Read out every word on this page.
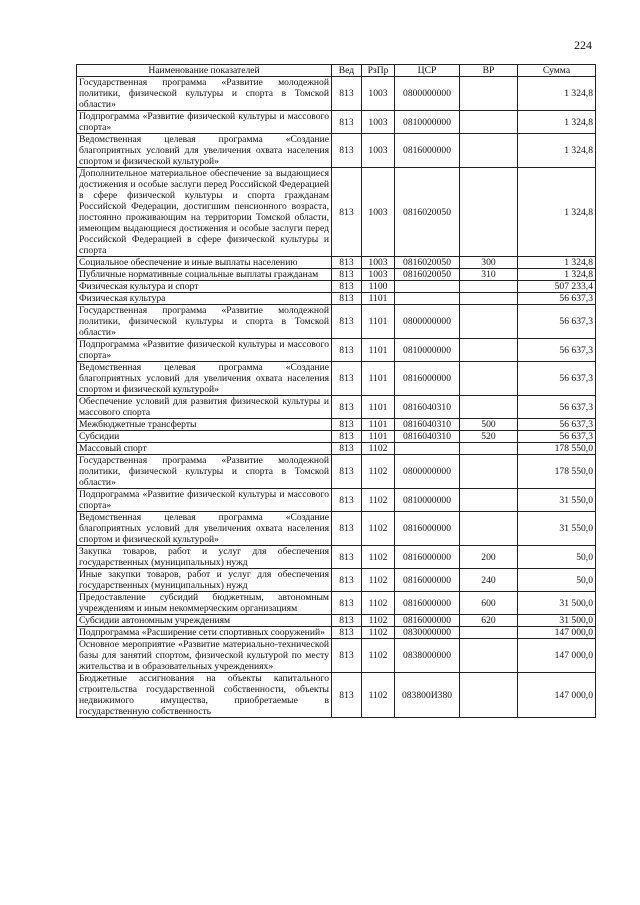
224
Наименование показателей	Вед	РзПр	ЦСР	ВР	Сумма
Государственная программа «Развитие молодежной политики, физической культуры и спорта в Томской области»	813	1003	0800000000		1 324,8
Подпрограмма «Развитие физической культуры и массового спорта»	813	1003	0810000000		1 324,8
Ведомственная целевая программа «Создание благоприятных условий для увеличения охвата населения спортом и физической культурой»	813	1003	0816000000		1 324,8
Дополнительное материальное обеспечение за выдающиеся достижения и особые заслуги перед Российской Федерацией в сфере физической культуры и спорта гражданам Российской Федерации, достигшим пенсионного возраста, постоянно проживающим на территории Томской области, имеющим выдающиеся достижения и особые заслуги перед Российской Федерацией в сфере физической культуры и спорта	813	1003	0816020050		1 324,8
Социальное обеспечение и иные выплаты населению	813	1003	0816020050	300	1 324,8
Публичные нормативные социальные выплаты гражданам	813	1003	0816020050	310	1 324,8
Физическая культура и спорт	813	1100			507 233,4
Физическая культура	813	1101			56 637,3
Государственная программа «Развитие молодежной политики, физической культуры и спорта в Томской области»	813	1101	0800000000		56 637,3
Подпрограмма «Развитие физической культуры и массового спорта»	813	1101	0810000000		56 637,3
Ведомственная целевая программа «Создание благоприятных условий для увеличения охвата населения спортом и физической культурой»	813	1101	0816000000		56 637,3
Обеспечение условий для развития физической культуры и массового спорта	813	1101	0816040310		56 637,3
Межбюджетные трансферты	813	1101	0816040310	500	56 637,3
Субсидии	813	1101	0816040310	520	56 637,3
Массовый спорт	813	1102			178 550,0
Государственная программа «Развитие молодежной политики, физической культуры и спорта в Томской области»	813	1102	0800000000		178 550,0
Подпрограмма «Развитие физической культуры и массового спорта»	813	1102	0810000000		31 550,0
Ведомственная целевая программа «Создание благоприятных условий для увеличения охвата населения спортом и физической культурой»	813	1102	0816000000		31 550,0
Закупка товаров, работ и услуг для обеспечения государственных (муниципальных) нужд	813	1102	0816000000	200	50,0
Иные закупки товаров, работ и услуг для обеспечения государственных (муниципальных) нужд	813	1102	0816000000	240	50,0
Предоставление субсидий бюджетным, автономным учреждениям и иным некоммерческим организациям	813	1102	0816000000	600	31 500,0
Субсидии автономным учреждениям	813	1102	0816000000	620	31 500,0
Подпрограмма «Расширение сети спортивных сооружений»	813	1102	0830000000		147 000,0
Основное мероприятие «Развитие материально-технической базы для занятий спортом, физической культурой по месту жительства и в образовательных учреждениях»	813	1102	0838000000		147 000,0
Бюджетные ассигнования на объекты капитального строительства государственной собственности, объекты недвижимого имущества, приобретаемые в государственную собственность	813	1102	083800И380		147 000,0
